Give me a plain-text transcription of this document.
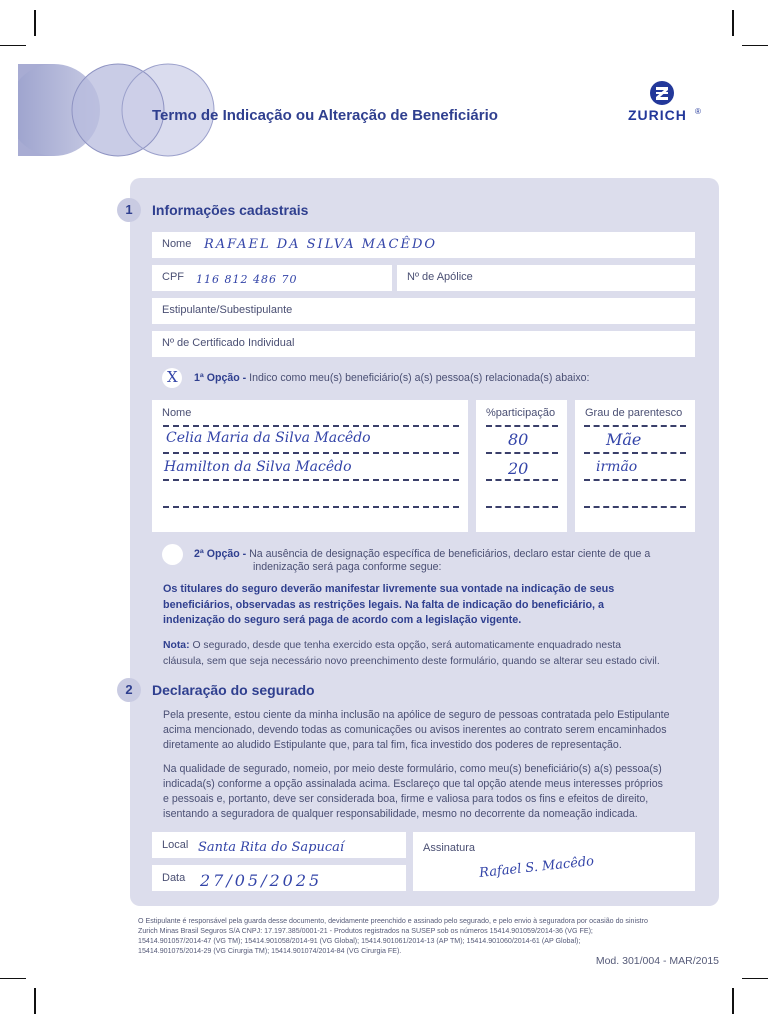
Termo de Indicação ou Alteração de Beneficiário	ZURICH ®
1	Informações cadastrais
Nome RAFAEL DA SILVA MACÊDO
CPF 116 812 486 70	Nº de Apólice
Estipulante/Subestipulante
Nº de Certificado Individual
X 1ª Opção - Indico como meu(s) beneficiário(s) a(s) pessoa(s) relacionada(s) abaixo:
Nome	%participação	Grau de parentesco
Celia Maria da Silva Macêdo	80	Mãe
Hamilton da Silva Macêdo	20	irmão
2ª Opção - Na ausência de designação específica de beneficiários, declaro estar ciente de que a
indenização será paga conforme segue:
Os titulares do seguro deverão manifestar livremente sua vontade na indicação de seus
beneficiários, observadas as restrições legais. Na falta de indicação do beneficiário, a
indenização do seguro será paga de acordo com a legislação vigente.
Nota: O segurado, desde que tenha exercido esta opção, será automaticamente enquadrado nesta
cláusula, sem que seja necessário novo preenchimento deste formulário, quando se alterar seu estado civil.
2	Declaração do segurado
Pela presente, estou ciente da minha inclusão na apólice de seguro de pessoas contratada pelo Estipulante
acima mencionado, devendo todas as comunicações ou avisos inerentes ao contrato serem encaminhados
diretamente ao aludido Estipulante que, para tal fim, fica investido dos poderes de representação.
Na qualidade de segurado, nomeio, por meio deste formulário, como meu(s) beneficiário(s) a(s) pessoa(s)
indicada(s) conforme a opção assinalada acima. Esclareço que tal opção atende meus interesses próprios
e pessoais e, portanto, deve ser considerada boa, firme e valiosa para todos os fins e efeitos de direito,
isentando a seguradora de qualquer responsabilidade, mesmo no decorrente da nomeação indicada.
Local Santa Rita do Sapucaí
Data 27/05/2025
Assinatura
Rafael S. Macêdo
O Estipulante é responsável pela guarda desse documento, devidamente preenchido e assinado pelo segurado, e pelo envio à seguradora por ocasião do sinistro
Zurich Minas Brasil Seguros S/A CNPJ: 17.197.385/0001-21 - Produtos registrados na SUSEP sob os números 15414.901059/2014-36 (VG FE);
15414.901057/2014-47 (VG TM); 15414.901058/2014-91 (VG Global); 15414.901061/2014-13 (AP TM); 15414.901060/2014-61 (AP Global);
15414.901075/2014-29 (VG Cirurgia TM); 15414.901074/2014-84 (VG Cirurgia FE).
Mod. 301/004 - MAR/2015
